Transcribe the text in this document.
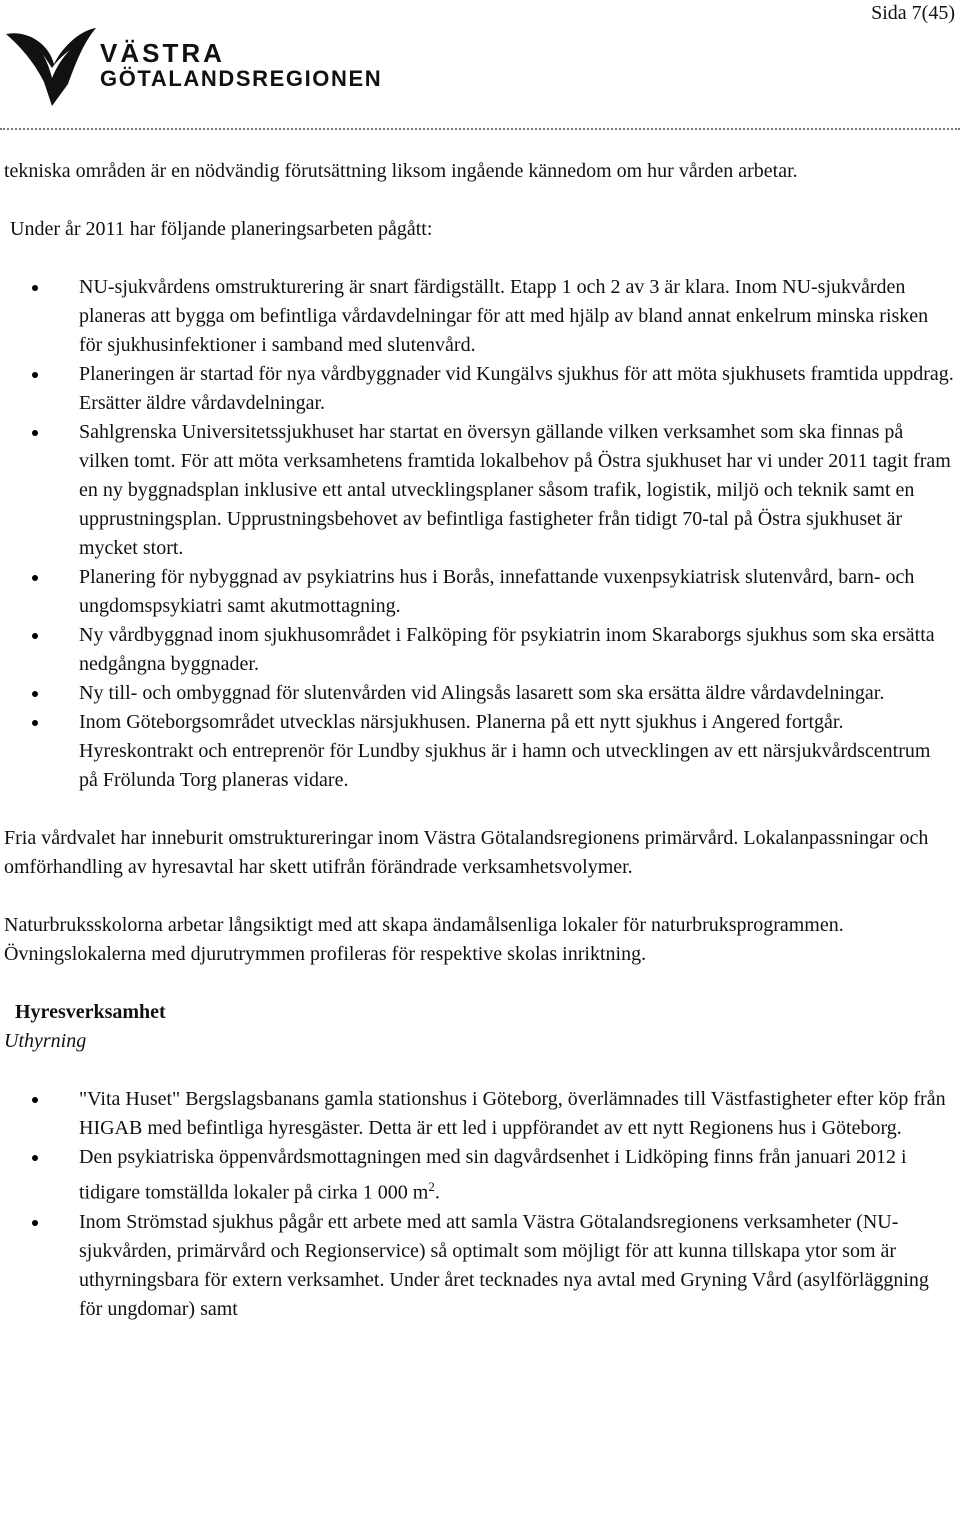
Sida 7(45)
VÄSTRA
GÖTALANDSREGIONEN

tekniska områden är en nödvändig förutsättning liksom ingående kännedom om hur vården arbetar.

Under år 2011 har följande planeringsarbeten pågått:

NU-sjukvårdens omstrukturering är snart färdigställt. Etapp 1 och 2 av 3 är klara. Inom NU-sjukvården planeras att bygga om befintliga vårdavdelningar för att med hjälp av bland annat enkelrum minska risken för sjukhusinfektioner i samband med slutenvård.
Planeringen är startad för nya vårdbyggnader vid Kungälvs sjukhus för att möta sjukhusets framtida uppdrag. Ersätter äldre vårdavdelningar.
Sahlgrenska Universitetssjukhuset har startat en översyn gällande vilken verksamhet som ska finnas på vilken tomt. För att möta verksamhetens framtida lokalbehov på Östra sjukhuset har vi under 2011 tagit fram en ny byggnadsplan inklusive ett antal utvecklingsplaner såsom trafik, logistik, miljö och teknik samt en upprustningsplan. Upprustningsbehovet av befintliga fastigheter från tidigt 70-tal på Östra sjukhuset är mycket stort.
Planering för nybyggnad av psykiatrins hus i Borås, innefattande vuxenpsykiatrisk slutenvård, barn- och ungdomspsykiatri samt akutmottagning.
Ny vårdbyggnad inom sjukhusområdet i Falköping för psykiatrin inom Skaraborgs sjukhus som ska ersätta nedgångna byggnader.
Ny till- och ombyggnad för slutenvården vid Alingsås lasarett som ska ersätta äldre vårdavdelningar.
Inom Göteborgsområdet utvecklas närsjukhusen. Planerna på ett nytt sjukhus i Angered fortgår. Hyreskontrakt och entreprenör för Lundby sjukhus är i hamn och utvecklingen av ett närsjukvårdscentrum på Frölunda Torg planeras vidare.

Fria vårdvalet har inneburit omstruktureringar inom Västra Götalandsregionens primärvård. Lokalanpassningar och omförhandling av hyresavtal har skett utifrån förändrade verksamhetsvolymer.

Naturbruksskolorna arbetar långsiktigt med att skapa ändamålsenliga lokaler för naturbruksprogrammen. Övningslokalerna med djurutrymmen profileras för respektive skolas inriktning.

Hyresverksamhet

Uthyrning

"Vita Huset" Bergslagsbanans gamla stationshus i Göteborg, överlämnades till Västfastigheter efter köp från HIGAB med befintliga hyresgäster. Detta är ett led i uppförandet av ett nytt Regionens hus i Göteborg.
Den psykiatriska öppenvårdsmottagningen med sin dagvårdsenhet i Lidköping finns från januari 2012 i tidigare tomställda lokaler på cirka 1 000 $m^2$.
Inom Strömstad sjukhus pågår ett arbete med att samla Västra Götalandsregionens verksamheter (NU-sjukvården, primärvård och Regionservice) så optimalt som möjligt för att kunna tillskapa ytor som är uthyrningsbara för extern verksamhet. Under året tecknades nya avtal med Gryning Vård (asylförläggning för ungdomar) samt
